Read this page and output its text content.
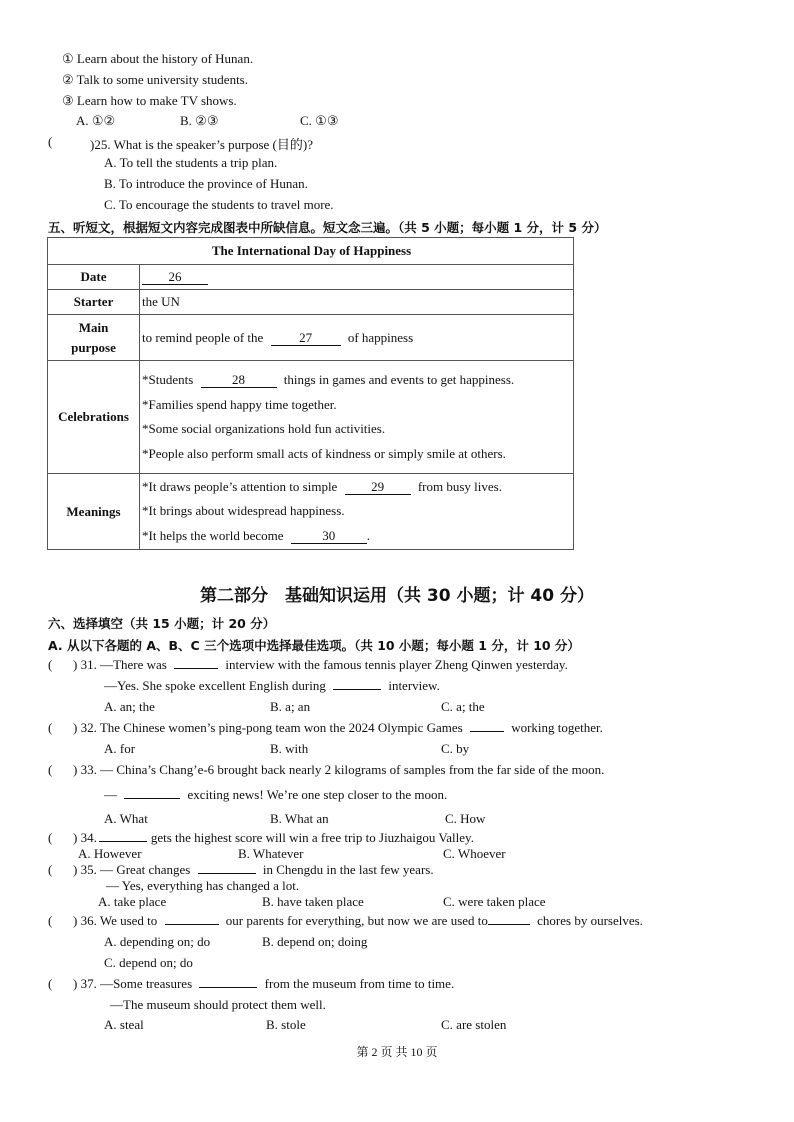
① Learn about the history of Hunan.
② Talk to some university students.
③ Learn how to make TV shows.
A. ①②	B. ②③	C. ①③
(	)25. What is the speaker’s purpose (目的)?
A. To tell the students a trip plan.
B. To introduce the province of Hunan.
C. To encourage the students to travel more.
五、听短文，根据短文内容完成图表中所缺信息。短文念三遍。（共 5 小题；每小题 1 分，计 5 分）
The International Day of Happiness	
Date	26
Starter	the UN

Main
purpose	to remind people of the 27 of happiness
Celebrations	*Students 28 things in games and events to get happiness.
*Families spend happy time together.
*Some social organizations hold fun activities.
*People also perform small acts of kindness or simply smile at others.

Meanings	*It draws people’s attention to simple 29 from busy lives.
*It brings about widespread happiness.
*It helps the world become 30 .
第二部分　基础知识运用（共 30 小题；计 40 分）
六、选择填空（共 15 小题；计 20 分）
A. 从以下各题的 A、B、C 三个选项中选择最佳选项。（共 10 小题；每小题 1 分，计 10 分）
( ) 31. —There was	interview with the famous tennis player Zheng Qinwen yesterday.
—Yes. She spoke excellent English during	interview.
A. an; the	B. a; an	C. a; the
( ) 32. The Chinese women’s ping-pong team won the 2024 Olympic Games	working together.
A. for	B. with	C. by
( ) 33. — China’s Chang’e-6 brought back nearly 2 kilograms of samples from the far side of the moon.
—	exciting news! We’re one step closer to the moon.
A. What	B. What an	C. How
( ) 34.	gets the highest score will win a free trip to Jiuzhaigou Valley.
A. However	B. Whatever	C. Whoever
( ) 35. — Great changes	in Chengdu in the last few years.
— Yes, everything has changed a lot.
A. take place	B. have taken place	C. were taken place
( ) 36. We used to	our parents for everything, but now we are used to	chores by ourselves.
A. depending on; do	B. depend on; doing
C. depend on; do
( ) 37. —Some treasures	from the museum from time to time.
—The museum should protect them well.
A. steal	B. stole	C. are stolen
第 2 页 共 10 页
